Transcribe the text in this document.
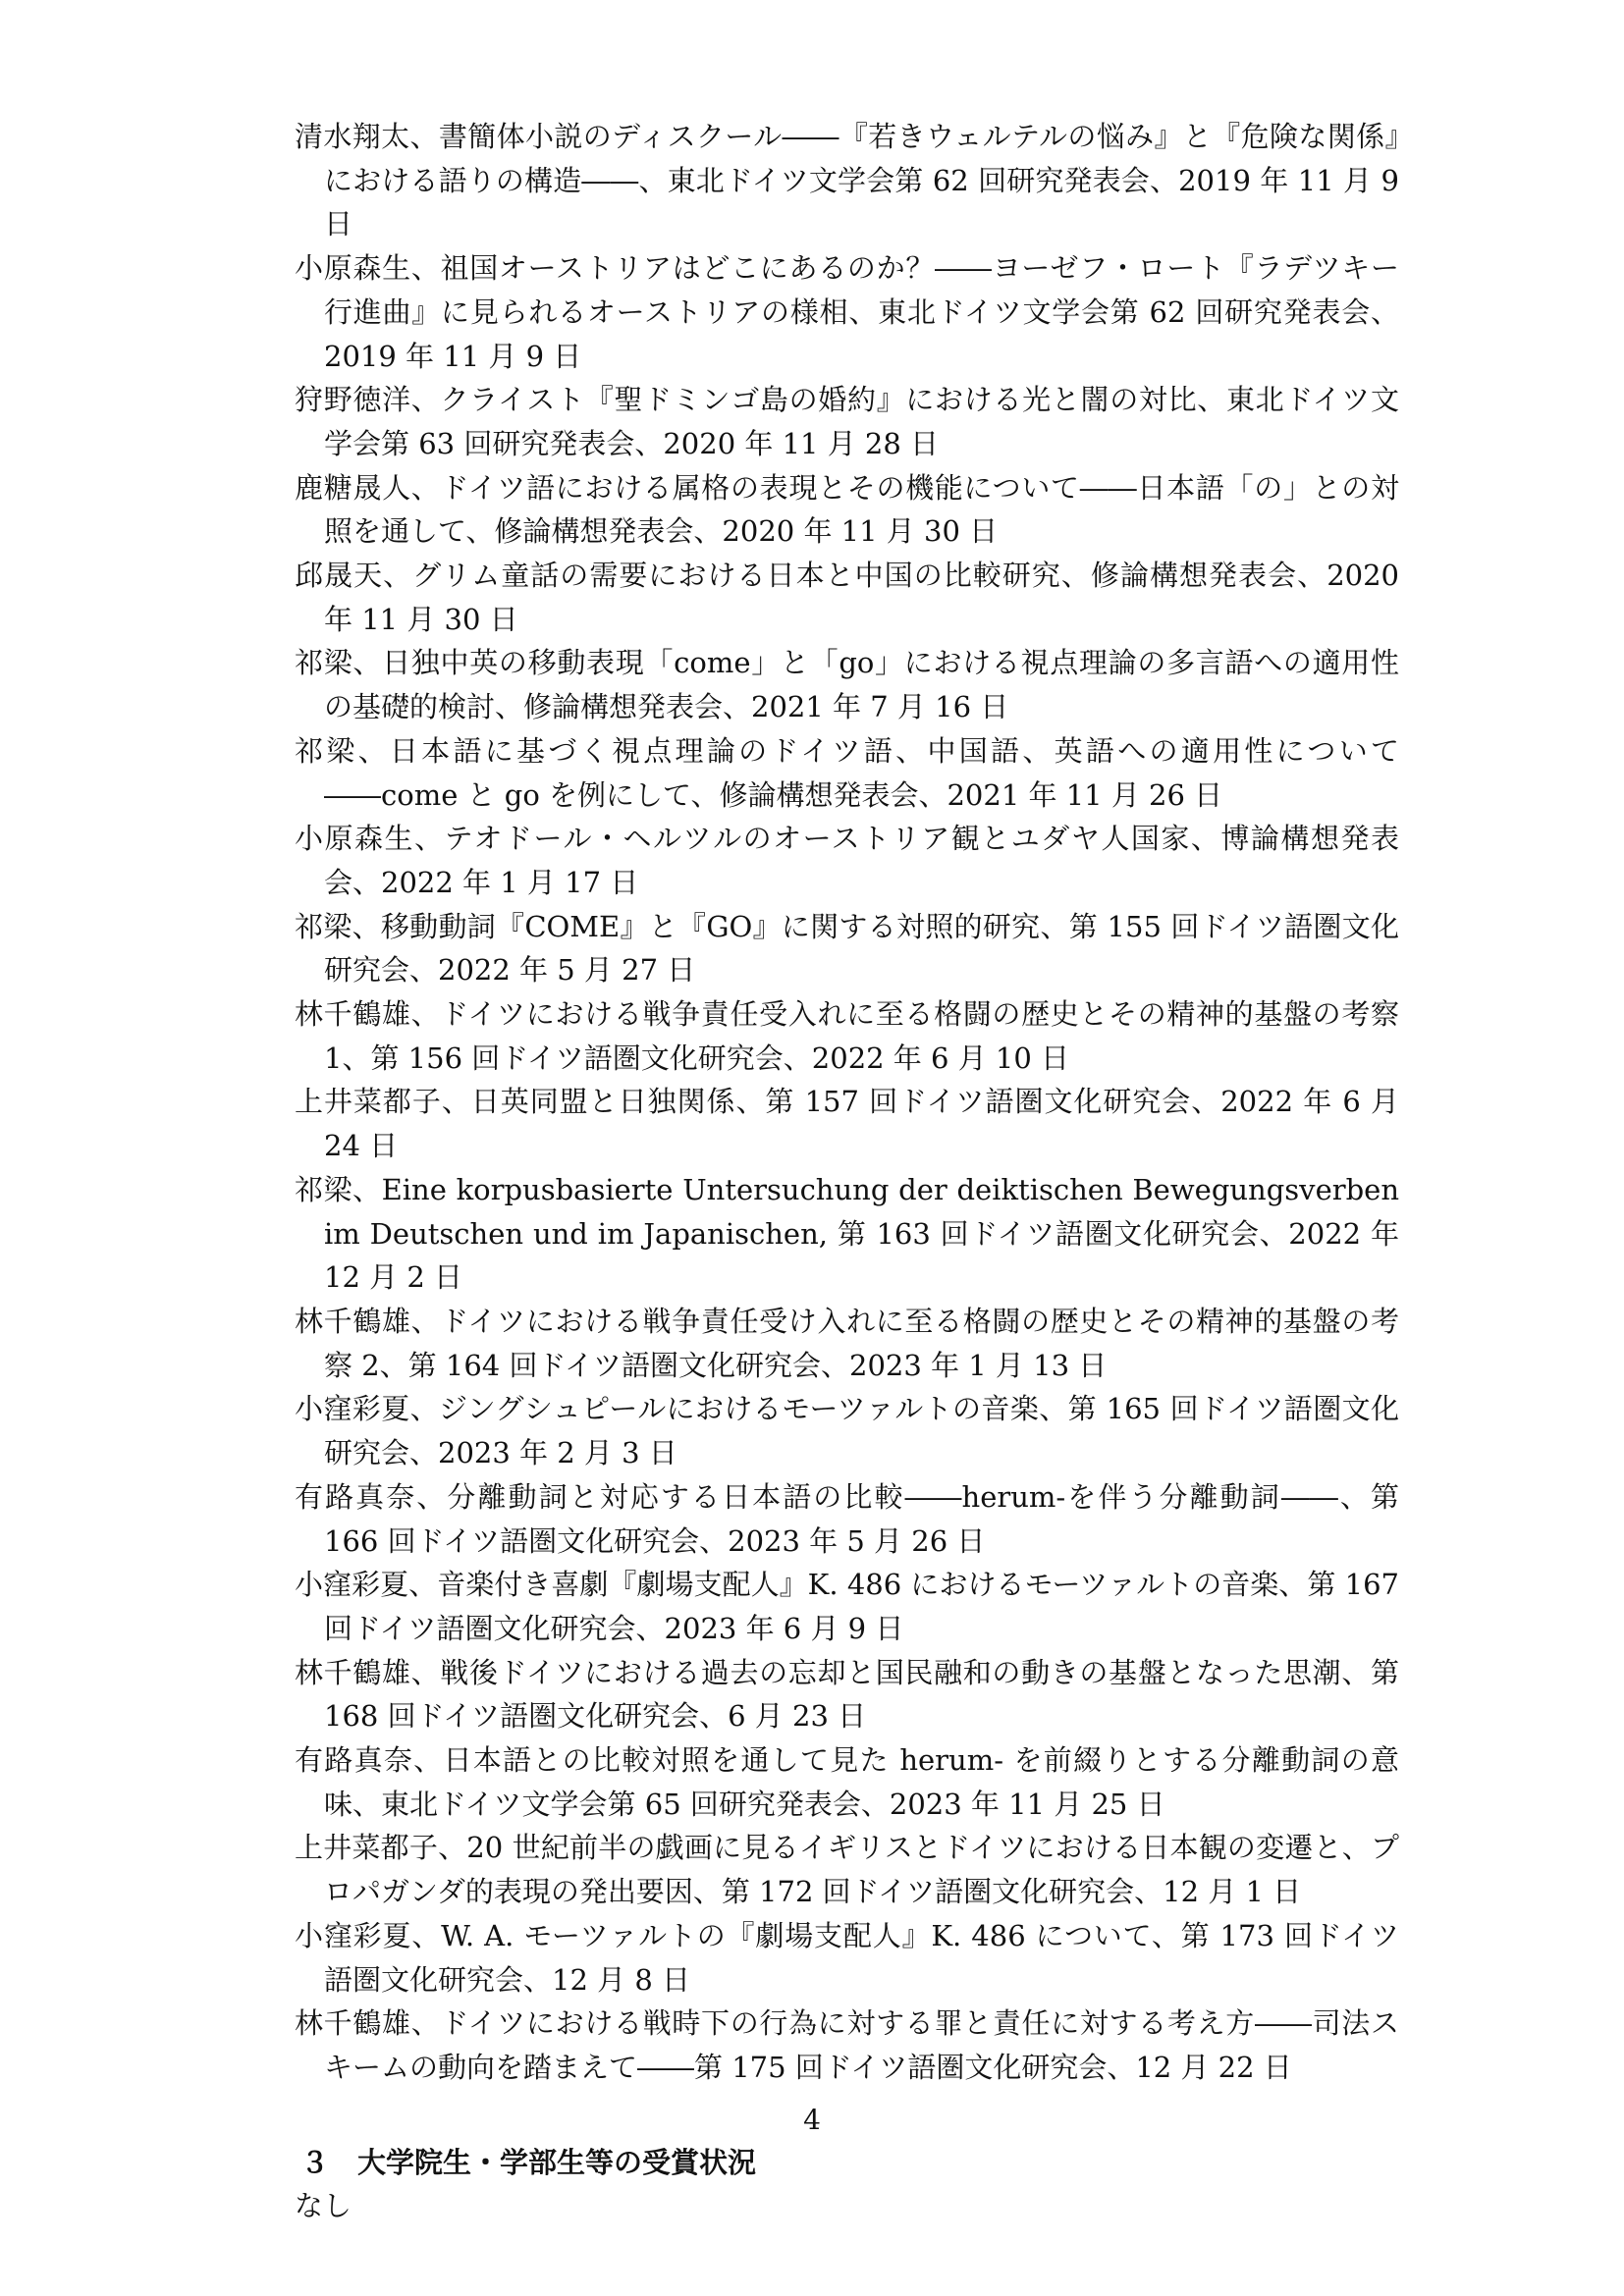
清水翔太、書簡体小説のディスクール――『若きウェルテルの悩み』と『危険な関係』における語りの構造――、東北ドイツ文学会第 62 回研究発表会、2019 年 11 月 9 日

小原森生、祖国オーストリアはどこにあるのか？――ヨーゼフ・ロート『ラデツキー行進曲』に見られるオーストリアの様相、東北ドイツ文学会第 62 回研究発表会、2019 年 11 月 9 日

狩野徳洋、クライスト『聖ドミンゴ島の婚約』における光と闇の対比、東北ドイツ文学会第 63 回研究発表会、2020 年 11 月 28 日

鹿糖晟人、ドイツ語における属格の表現とその機能について――日本語「の」との対照を通して、修論構想発表会、2020 年 11 月 30 日

邱晟天、グリム童話の需要における日本と中国の比較研究、修論構想発表会、2020 年 11 月 30 日

祁梁、日独中英の移動表現「come」と「go」における視点理論の多言語への適用性の基礎的検討、修論構想発表会、2021 年 7 月 16 日

祁梁、日本語に基づく視点理論のドイツ語、中国語、英語への適用性について――come と go を例にして、修論構想発表会、2021 年 11 月 26 日

小原森生、テオドール・ヘルツルのオーストリア観とユダヤ人国家、博論構想発表会、2022 年 1 月 17 日

祁梁、移動動詞『COME』と『GO』に関する対照的研究、第 155 回ドイツ語圏文化研究会、2022 年 5 月 27 日

林千鶴雄、ドイツにおける戦争責任受入れに至る格闘の歴史とその精神的基盤の考察 1、第 156 回ドイツ語圏文化研究会、2022 年 6 月 10 日

上井菜都子、日英同盟と日独関係、第 157 回ドイツ語圏文化研究会、2022 年 6 月 24 日

祁梁、Eine korpusbasierte Untersuchung der deiktischen Bewegungsverben im Deutschen und im Japanischen, 第 163 回ドイツ語圏文化研究会、2022 年 12 月 2 日

林千鶴雄、ドイツにおける戦争責任受け入れに至る格闘の歴史とその精神的基盤の考察 2、第 164 回ドイツ語圏文化研究会、2023 年 1 月 13 日

小窪彩夏、ジングシュピールにおけるモーツァルトの音楽、第 165 回ドイツ語圏文化研究会、2023 年 2 月 3 日

有路真奈、分離動詞と対応する日本語の比較――herum-を伴う分離動詞――、第 166 回ドイツ語圏文化研究会、2023 年 5 月 26 日

小窪彩夏、音楽付き喜劇『劇場支配人』K. 486 におけるモーツァルトの音楽、第 167 回ドイツ語圏文化研究会、2023 年 6 月 9 日

林千鶴雄、戦後ドイツにおける過去の忘却と国民融和の動きの基盤となった思潮、第 168 回ドイツ語圏文化研究会、6 月 23 日

有路真奈、日本語との比較対照を通して見た herum- を前綴りとする分離動詞の意味、東北ドイツ文学会第 65 回研究発表会、2023 年 11 月 25 日

上井菜都子、20 世紀前半の戯画に見るイギリスとドイツにおける日本観の変遷と、プロパガンダ的表現の発出要因、第 172 回ドイツ語圏文化研究会、12 月 1 日

小窪彩夏、W. A. モーツァルトの『劇場支配人』K. 486 について、第 173 回ドイツ語圏文化研究会、12 月 8 日

林千鶴雄、ドイツにおける戦時下の行為に対する罪と責任に対する考え方――司法スキームの動向を踏まえて――第 175 回ドイツ語圏文化研究会、12 月 22 日

３　大学院生・学部生等の受賞状況

なし

4
